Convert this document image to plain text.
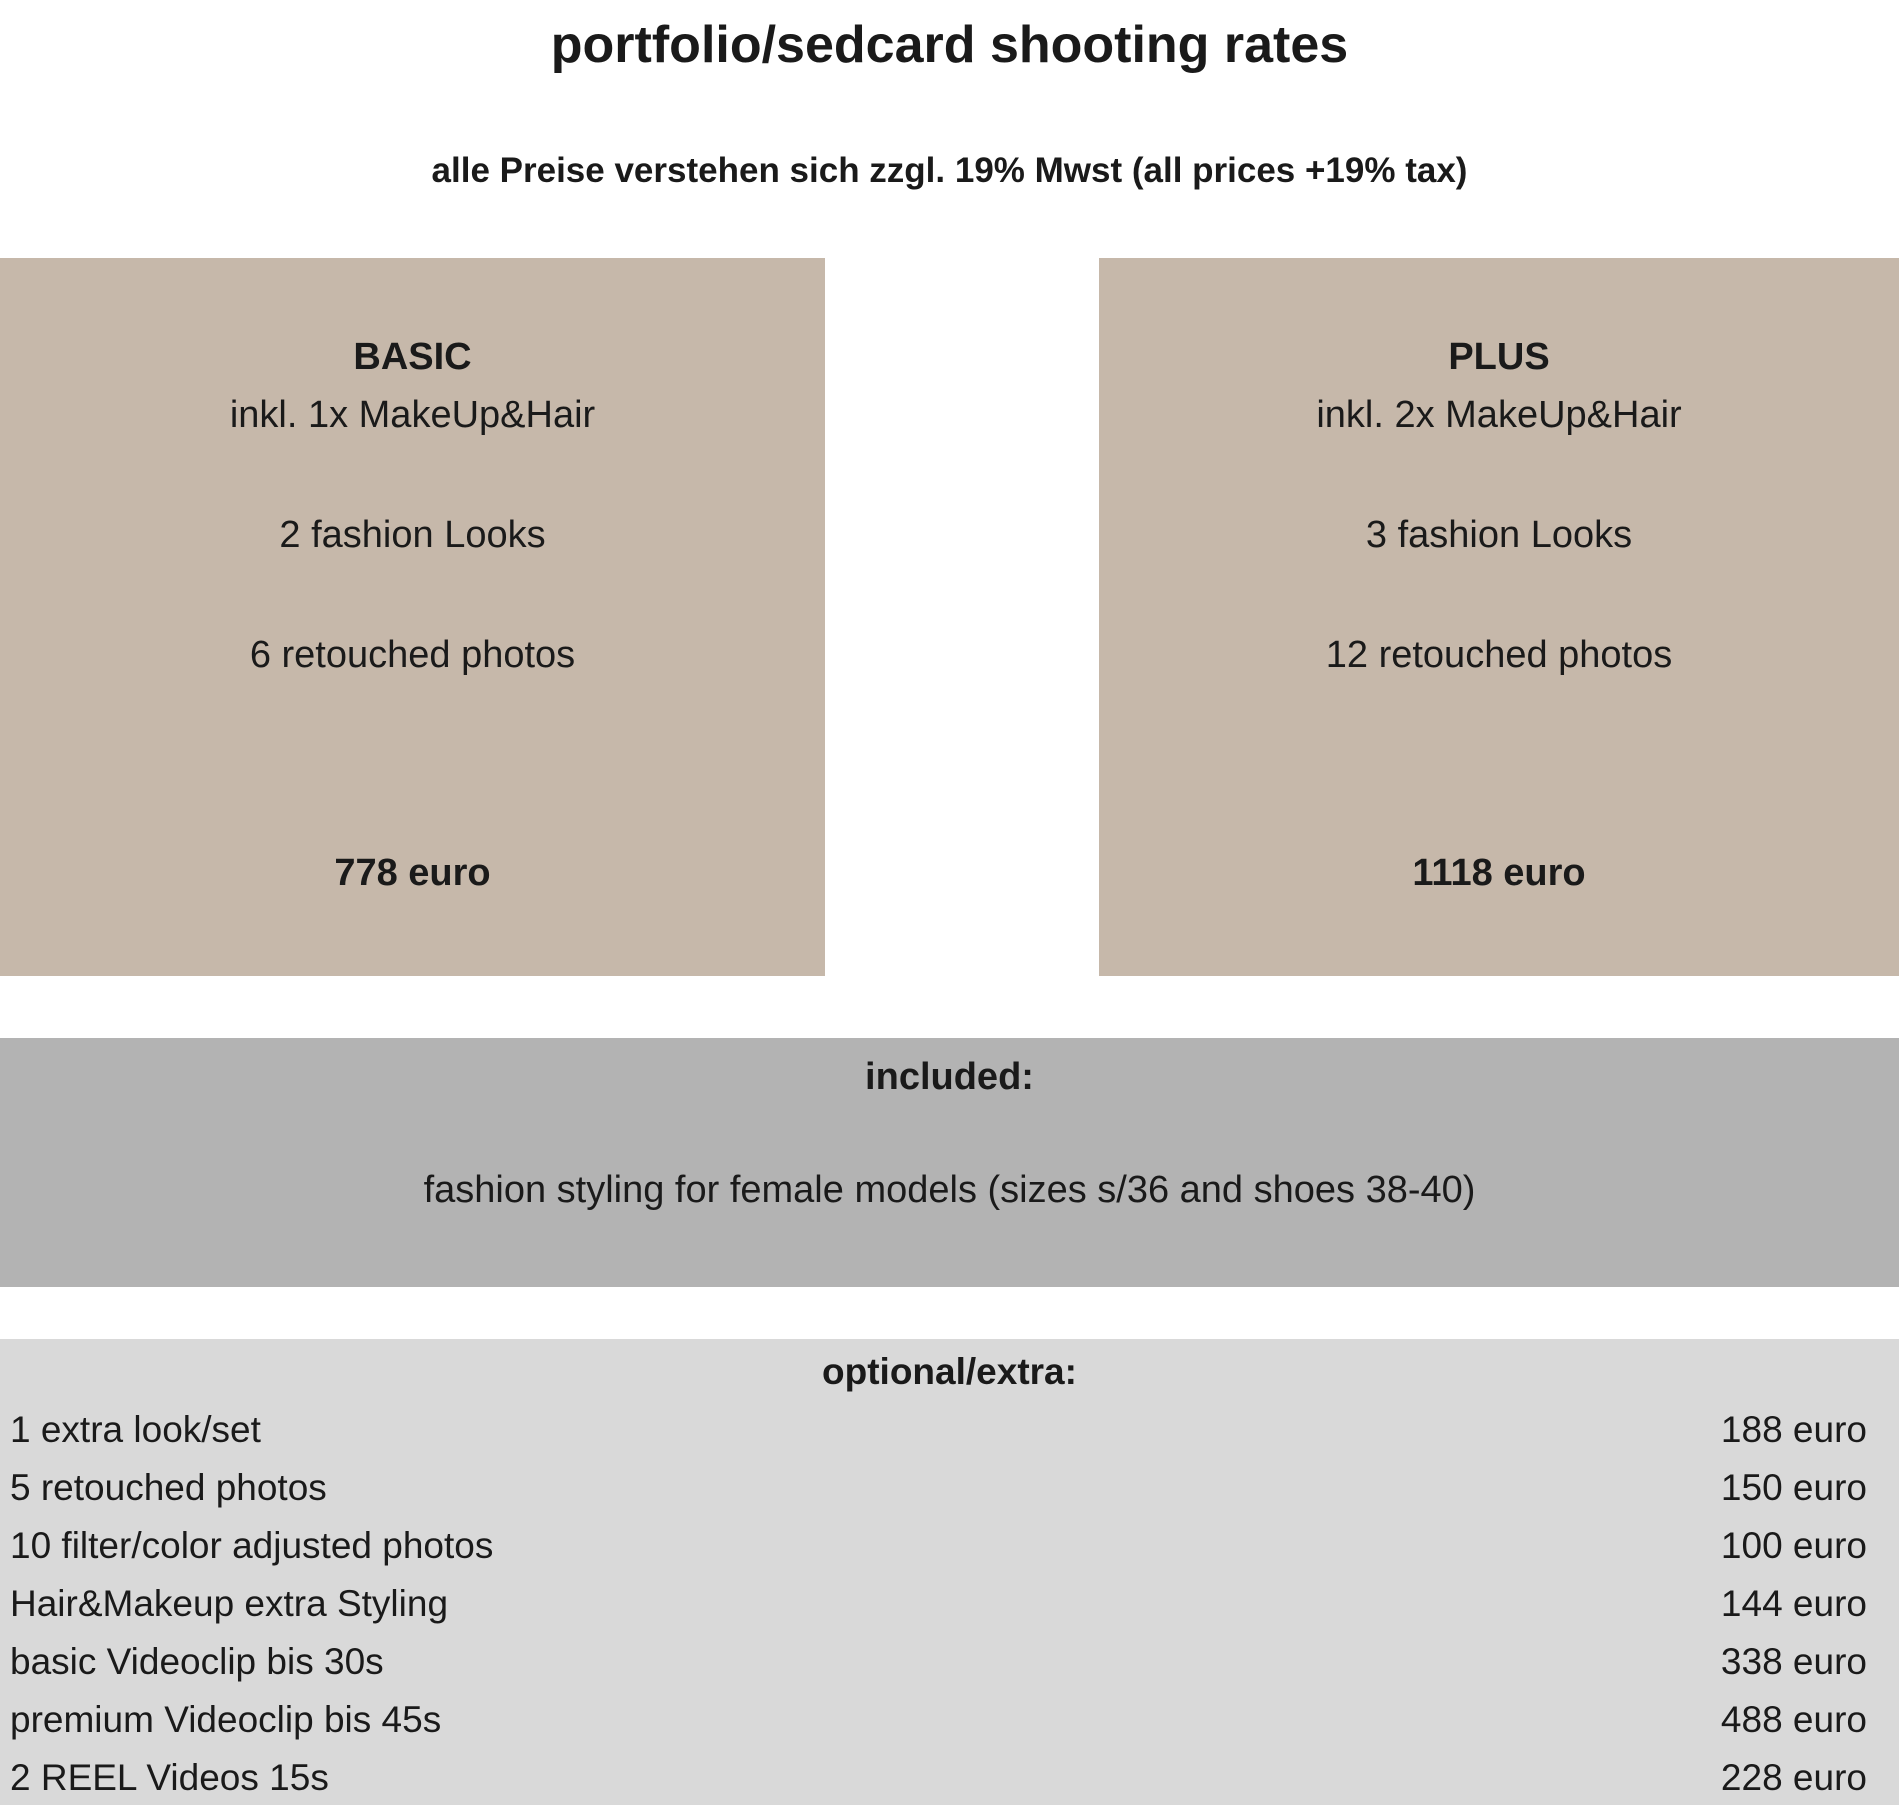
portfolio/sedcard shooting rates
alle Preise verstehen sich zzgl. 19% Mwst (all prices +19% tax)
BASIC
inkl. 1x MakeUp&Hair
2 fashion Looks
6 retouched photos
778 euro
PLUS
inkl. 2x MakeUp&Hair
3 fashion Looks
12 retouched photos
1118 euro
included:
fashion styling for female models (sizes s/36 and shoes 38-40)
optional/extra:
1 extra look/set	188 euro
5 retouched photos	150 euro
10 filter/color adjusted photos	100 euro
Hair&Makeup extra Styling	144 euro
basic Videoclip bis 30s	338 euro
premium Videoclip bis 45s	488 euro
2 REEL Videos 15s	228 euro
